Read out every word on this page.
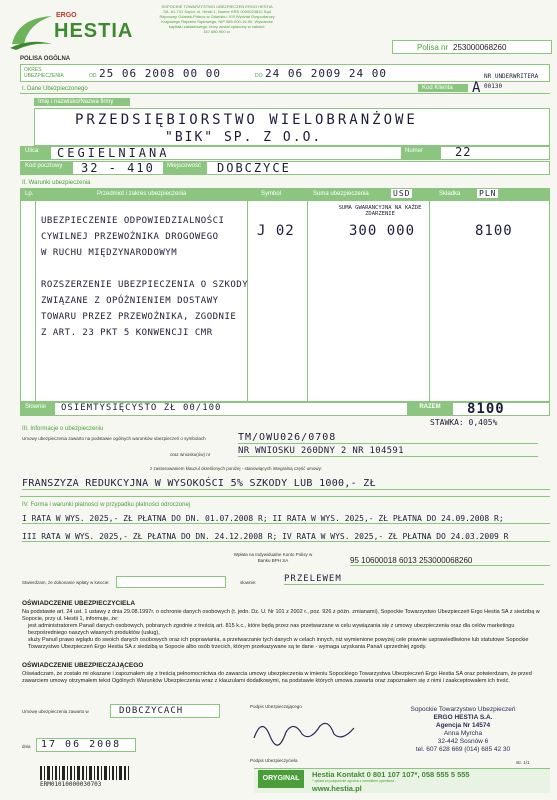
ERGO
HESTIA
SOPOCKIE TOWARZYSTWO UBEZPIECZEŃ ERGO HESTIA SA, 81-731 Sopot, ul. Hestii 1, Numer KRS 0000024812 Sąd Rejonowy Gdańsk-Północ w Gdańsku, VIII Wydział Gospodarczy Krajowego Rejestru Sądowego, NIP 585-000-16-90. Wysokość kapitału zakładowego, który został opłacony w całości: 167.680.900 zł.
Polisa nr 253000068260
POLISA OGÓLNA
OKRES UBEZPIECZENIA	OD 25 06 2008 00 00	DO 24 06 2009 24 00
I. Dane Ubezpieczonego
Imię i nazwisko/Nazwa firmy
Kod Klienta	A
NR UNDERWRITERA 00130
PRZEDSIĘBIORSTWO WIELOBRANŻOWE
"BIK" SP. Z O.O.
Ulica	CEGIELNIANA	Numer	22
Kod pocztowy	32 - 410	Miejscowość	DOBCZYCE
II. Warunki ubezpieczenia
Lp.	Przedmiot i zakres ubezpieczenia	Symbol	Suma ubezpieczenia	USD	Składka PLN
UBEZPIECZENIE ODPOWIEDZIALNOŚCI
CYWILNEJ PRZEWOŹNIKA DROGOWEGO
W RUCHU MIĘDZYNARODOWYM
ROZSZERZENIE UBEZPIECZENIA O SZKODY
ZWIĄZANE Z OPÓŹNIENIEM DOSTAWY
TOWARU PRZEZ PRZEWOŹNIKA, ZGODNIE
Z ART. 23 PKT 5 KONWENCJI CMR
SUMA GWARANCYJNA NA KAŻDE ZDARZENIE
J 02	300 000	8100
Słownie	OSIEMTYSIĘCYSTO ZŁ 00/100	RAZEM	8100
STAWKA: 0,405%
III. Informacje o ubezpieczeniu
Umowy ubezpieczenia zawarto na podstawie ogólnych warunków ubezpieczeń o symbolach	TM/OWU026/0708
oraz wniosku(ów) nr	NR WNIOSKU 260DNY 2 NR 104591
z zastosowaniem klauzul określonych poniżej - stanowiących integralną część umowy:
FRANSZYZA REDUKCYJNA W WYSOKOŚCI 5% SZKODY LUB 1000,- ZŁ
IV. Forma i warunki płatności w przypadku płatności odroczonej
I RATA W WYS. 2025,- ZŁ PŁATNA DO DN. 01.07.2008 R; II RATA W WYS. 2025,- ZŁ PŁATNA DO 24.09.2008 R;
III RATA W WYS. 2025,- ZŁ PŁATNA DO DN. 24.12.2008 R; IV RATA W WYS. 2025,- ZŁ PŁATNA DO 24.03.2009 R
Wpłata na Indywidualne Konto Polisy w Banku BPH SA	95 10600018 6013 253000068260
Stwierdzam, że dokonanie wpłaty w kwocie:	słownie:	PRZELEWEM
OŚWIADCZENIE UBEZPIECZYCIELA
Na podstawie art. 24 ust. 1 ustawy z dnia 29.08.1997r. o ochronie danych osobowych (t. jedn. Dz. U. Nr 101 z 2002 r., poz. 926 z późn. zmianami), Sopockie Towarzystwo Ubezpieczeń Ergo Hestia SA z siedzibą w Sopocie, przy ul. Hestii 1, informuje, że:
jest administratorem Pana/i danych osobowych, pobranych zgodnie z treścią art. 815 k.c., które będą przez nas przetwarzane w celu wywiązania się z umowy ubezpieczenia oraz dla celów marketingu bezpośredniego naszych własnych produktów (usług),
służy Panu/i prawo wglądu do swoich danych osobowych oraz ich poprawiania, a przetwarzanie tych danych w celach innych, niż wymienione powyżej cele prawnie usprawiedliwione lub statutowe Sopockie Towarzystwo Ubezpieczeń Ergo Hestia SA z siedzibą w Sopocie albo osób trzecich, którym przekazywane są te dane - wymaga uzyskania Pana/i uprzedniej zgody.
OŚWIADCZENIE UBEZPIECZAJĄCEGO
Oświadczam, że zostało mi okazane i zapoznałem się z treścią pełnomocnictwa do zawarcia umowy ubezpieczenia w imieniu Sopockiego Towarzystwa Ubezpieczeń Ergo Hestia SA oraz potwierdzam, że przed zawarciem umowy otrzymałem tekst Ogólnych Warunków Ubezpieczenia wraz z klauzulami dodatkowymi, na podstawie których umowa zawarta oraz zapoznałem się z nimi i zaakceptowałem ich treść.
Umowę ubezpieczenia zawarto w	DOBCZYCACH
dnia 17 06 2008
Podpis Ubezpieczającego
Podpis Ubezpieczyciela
Sopockie Towarzystwo Ubezpieczeń
ERGO HESTIA S.A.
Agencja Nr 14574
Anna Myrcha
32-442 Sosnów 6
tel. 607 628 669 (014) 685 42 30
str. 1/1
ORYGINAŁ	Hestia Kontakt 0 801 107 107*, 058 555 5 555
* opłata za połączenie zgodna z cennikiem operatora
www.hestia.pl
ERM01010000030703
